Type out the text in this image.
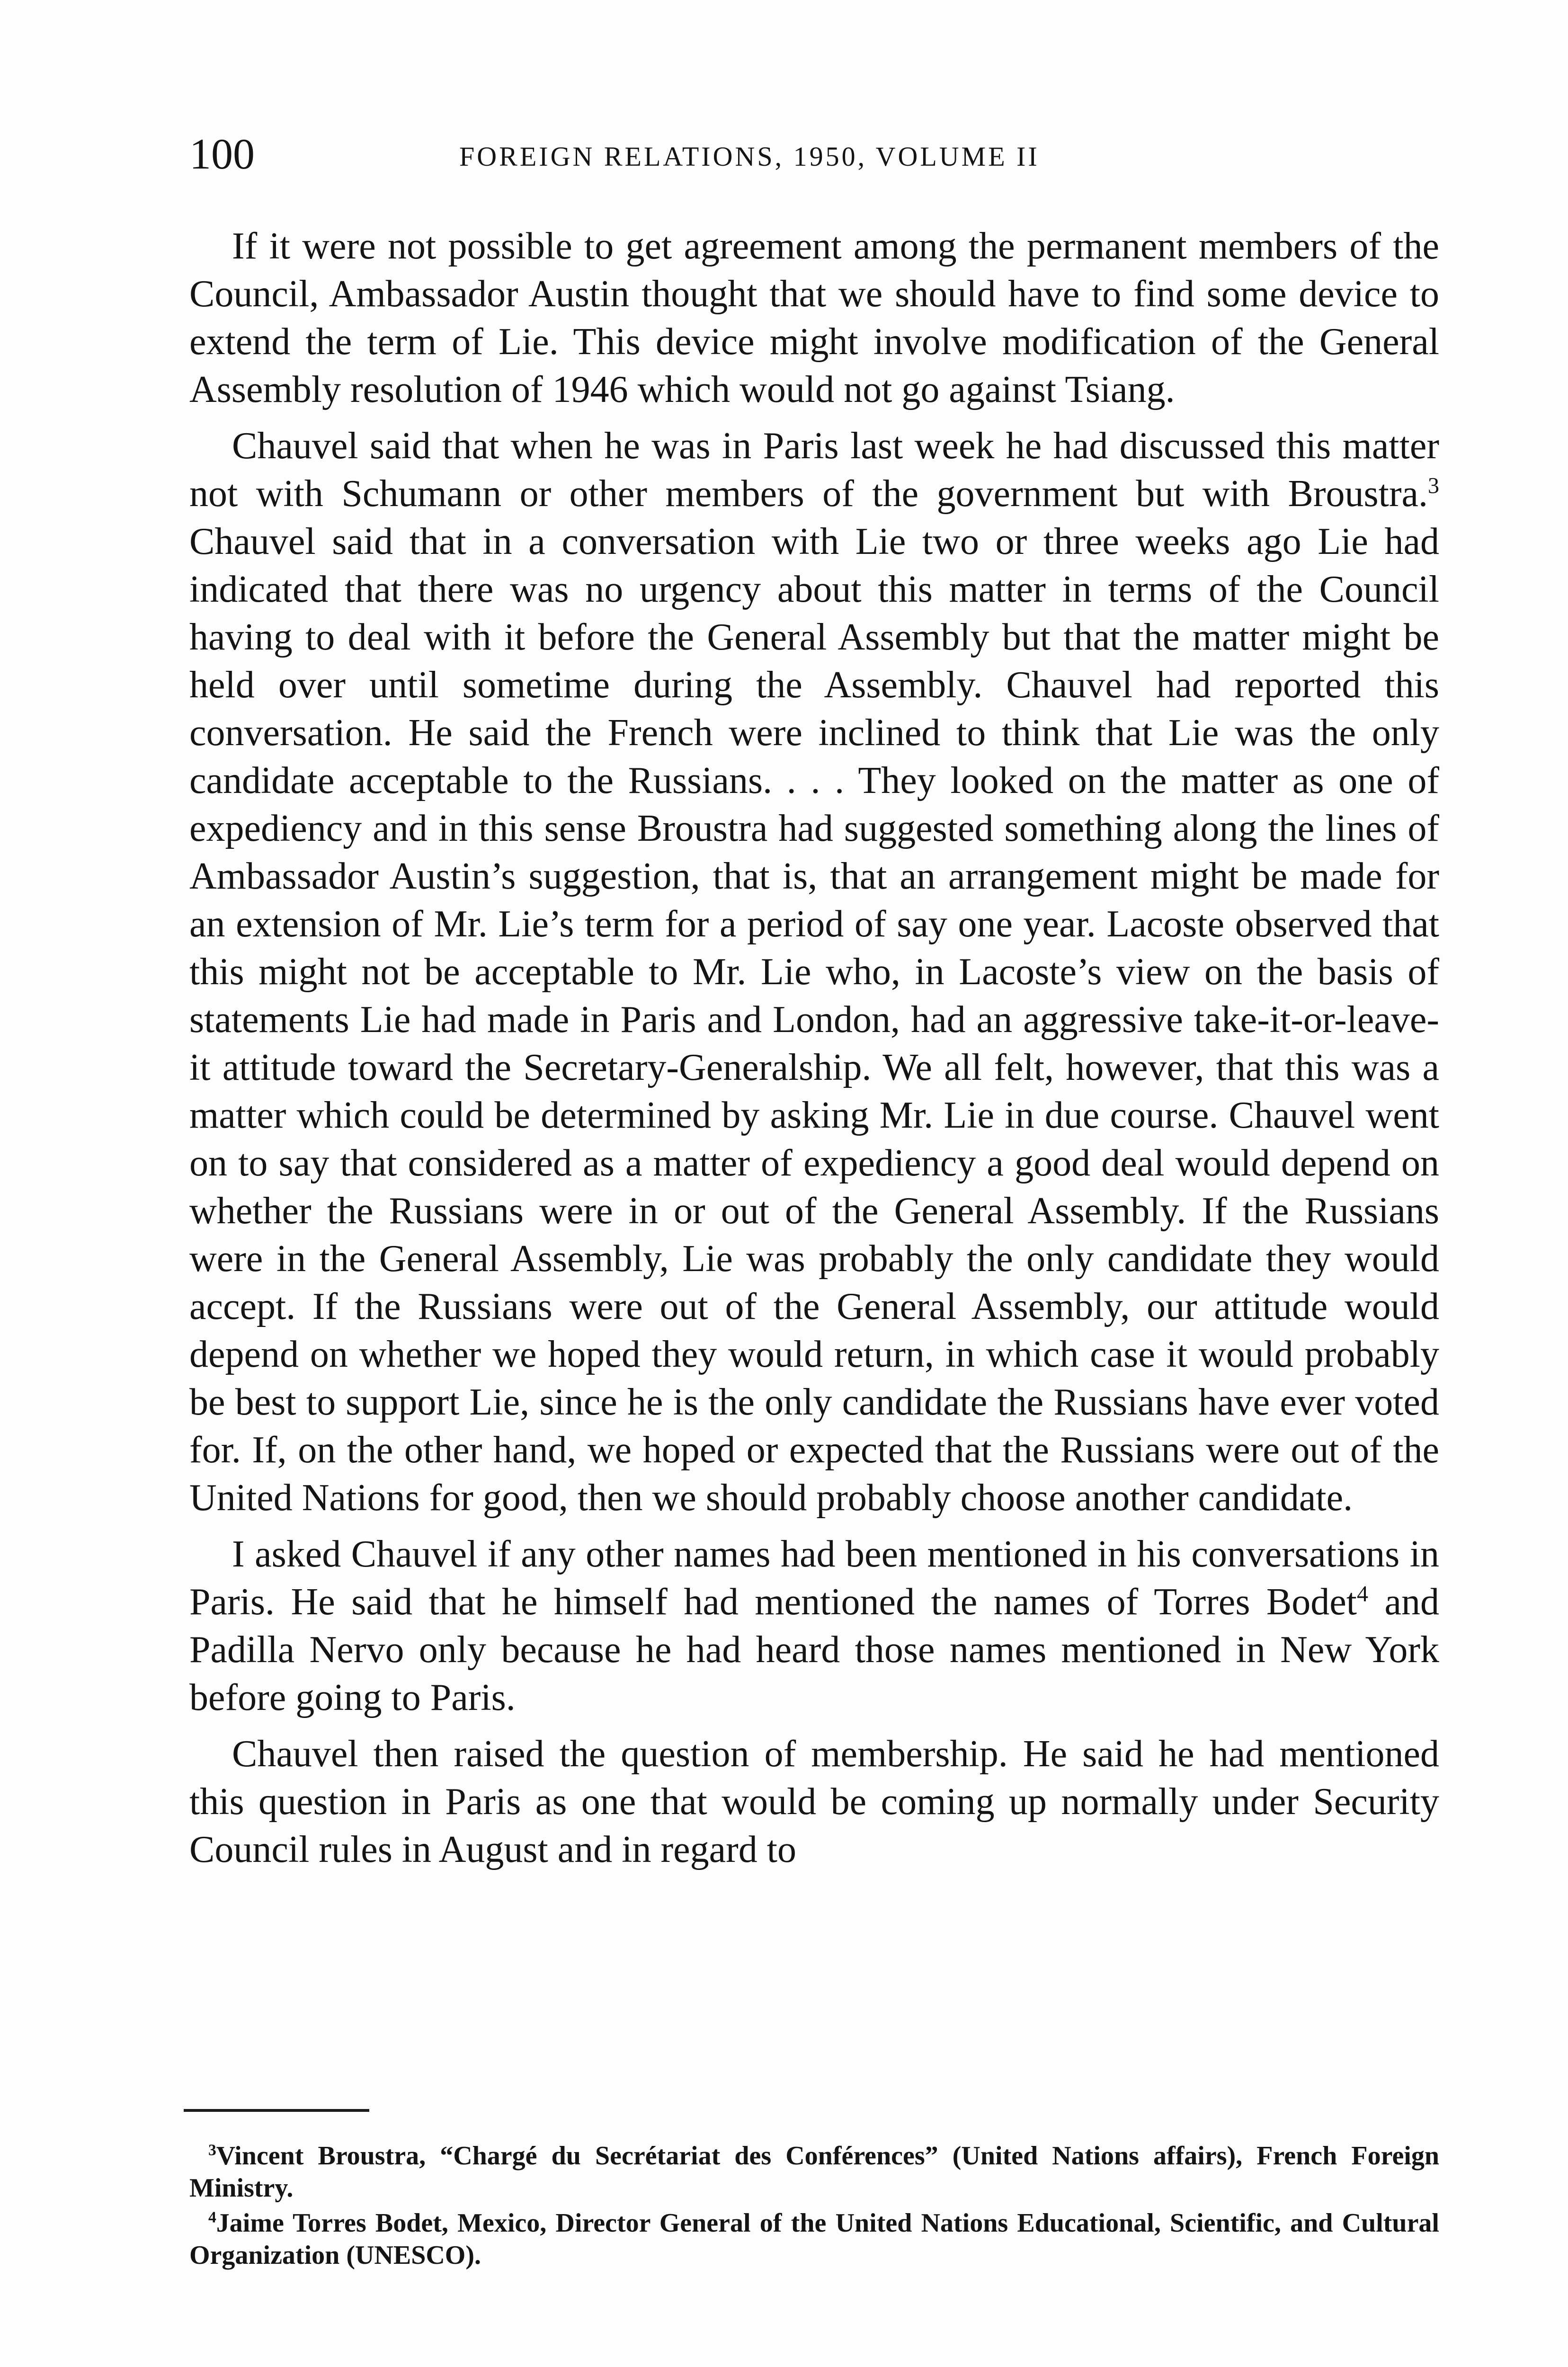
100	FOREIGN RELATIONS, 1950, VOLUME II

If it were not possible to get agreement among the permanent members of the Council, Ambassador Austin thought that we should have to find some device to extend the term of Lie. This device might involve modification of the General Assembly resolution of 1946 which would not go against Tsiang.

Chauvel said that when he was in Paris last week he had discussed this matter not with Schumann or other members of the government but with Broustra.$^3$ Chauvel said that in a conversation with Lie two or three weeks ago Lie had indicated that there was no urgency about this matter in terms of the Council having to deal with it before the General Assembly but that the matter might be held over until sometime during the Assembly. Chauvel had reported this conversation. He said the French were inclined to think that Lie was the only candidate acceptable to the Russians. . . . They looked on the matter as one of expediency and in this sense Broustra had suggested something along the lines of Ambassador Austin’s suggestion, that is, that an arrangement might be made for an extension of Mr. Lie’s term for a period of say one year. Lacoste observed that this might not be acceptable to Mr. Lie who, in Lacoste’s view on the basis of statements Lie had made in Paris and London, had an aggressive take-it-or-leave-it attitude toward the Secretary-Generalship. We all felt, however, that this was a matter which could be determined by asking Mr. Lie in due course. Chauvel went on to say that considered as a matter of expediency a good deal would depend on whether the Russians were in or out of the General Assembly. If the Russians were in the General Assembly, Lie was probably the only candidate they would accept. If the Russians were out of the General Assembly, our attitude would depend on whether we hoped they would return, in which case it would probably be best to support Lie, since he is the only candidate the Russians have ever voted for. If, on the other hand, we hoped or expected that the Russians were out of the United Nations for good, then we should probably choose another candidate.

I asked Chauvel if any other names had been mentioned in his conversations in Paris. He said that he himself had mentioned the names of Torres Bodet$^4$ and Padilla Nervo only because he had heard those names mentioned in New York before going to Paris.

Chauvel then raised the question of membership. He said he had mentioned this question in Paris as one that would be coming up normally under Security Council rules in August and in regard to

$^3$Vincent Broustra, “Chargé du Secrétariat des Conférences” (United Nations affairs), French Foreign Ministry.

$^4$Jaime Torres Bodet, Mexico, Director General of the United Nations Educational, Scientific, and Cultural Organization (UNESCO).
